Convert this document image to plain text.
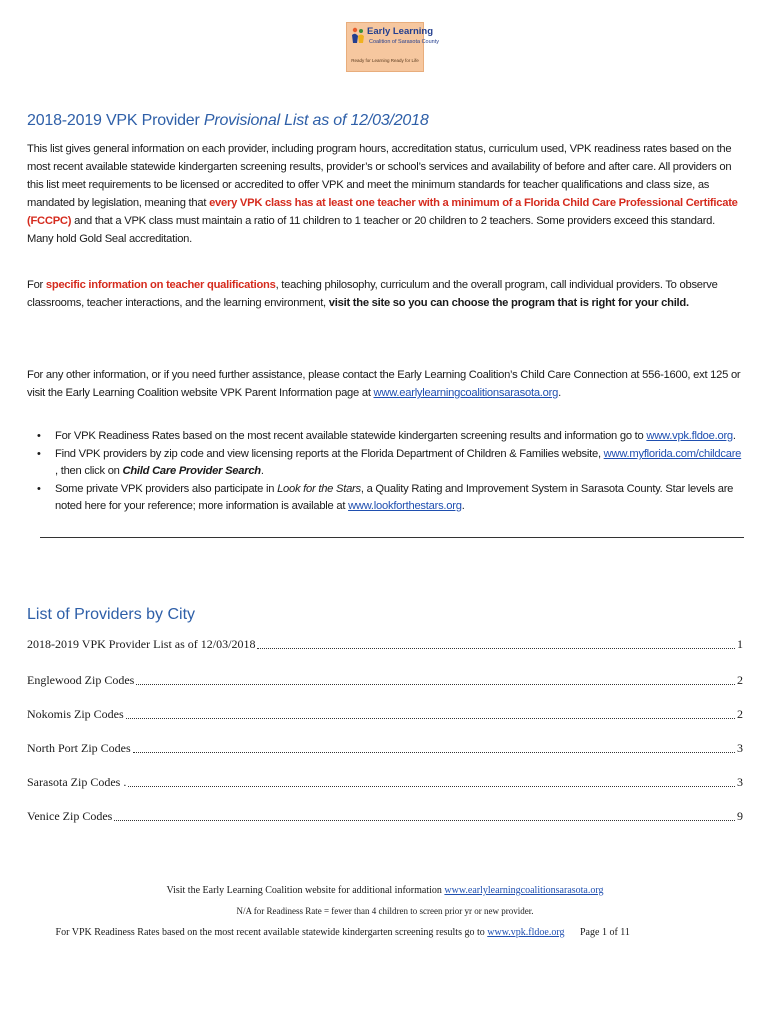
Early Learning
Coalition of Sarasota County
Ready for Learning Ready for Life
2018-2019 VPK Provider Provisional List as of 12/03/2018
This list gives general information on each provider, including program hours, accreditation status, curriculum used, VPK readiness rates based on the most recent available statewide kindergarten screening results, provider’s or school’s services and availability of before and after care. All providers on this list meet requirements to be licensed or accredited to offer VPK and meet the minimum standards for teacher qualifications and class size, as mandated by legislation, meaning that every VPK class has at least one teacher with a minimum of a Florida Child Care Professional Certificate (FCCPC) and that a VPK class must maintain a ratio of 11 children to 1 teacher or 20 children to 2 teachers. Some providers exceed this standard. Many hold Gold Seal accreditation.
For specific information on teacher qualifications, teaching philosophy, curriculum and the overall program, call individual providers. To observe classrooms, teacher interactions, and the learning environment, visit the site so you can choose the program that is right for your child.
For any other information, or if you need further assistance, please contact the Early Learning Coalition’s Child Care Connection at 556-1600, ext 125 or visit the Early Learning Coalition website VPK Parent Information page at www.earlylearningcoalitionsarasota.org.
• For VPK Readiness Rates based on the most recent available statewide kindergarten screening results and information go to www.vpk.fldoe.org.
• Find VPK providers by zip code and view licensing reports at the Florida Department of Children & Families website, www.myflorida.com/childcare , then click on Child Care Provider Search.
• Some private VPK providers also participate in Look for the Stars, a Quality Rating and Improvement System in Sarasota County. Star levels are noted here for your reference; more information is available at www.lookforthestars.org.
List of Providers by City
2018-2019 VPK Provider List as of 12/03/2018	1
Englewood Zip Codes	2
Nokomis Zip Codes	2
North Port Zip Codes	3
Sarasota Zip Codes .	3
Venice Zip Codes	9
Visit the Early Learning Coalition website for additional information www.earlylearningcoalitionsarasota.org
N/A for Readiness Rate = fewer than 4 children to screen prior yr or new provider.
For VPK Readiness Rates based on the most recent available statewide kindergarten screening results go to www.vpk.fldoe.org	Page 1 of 11
